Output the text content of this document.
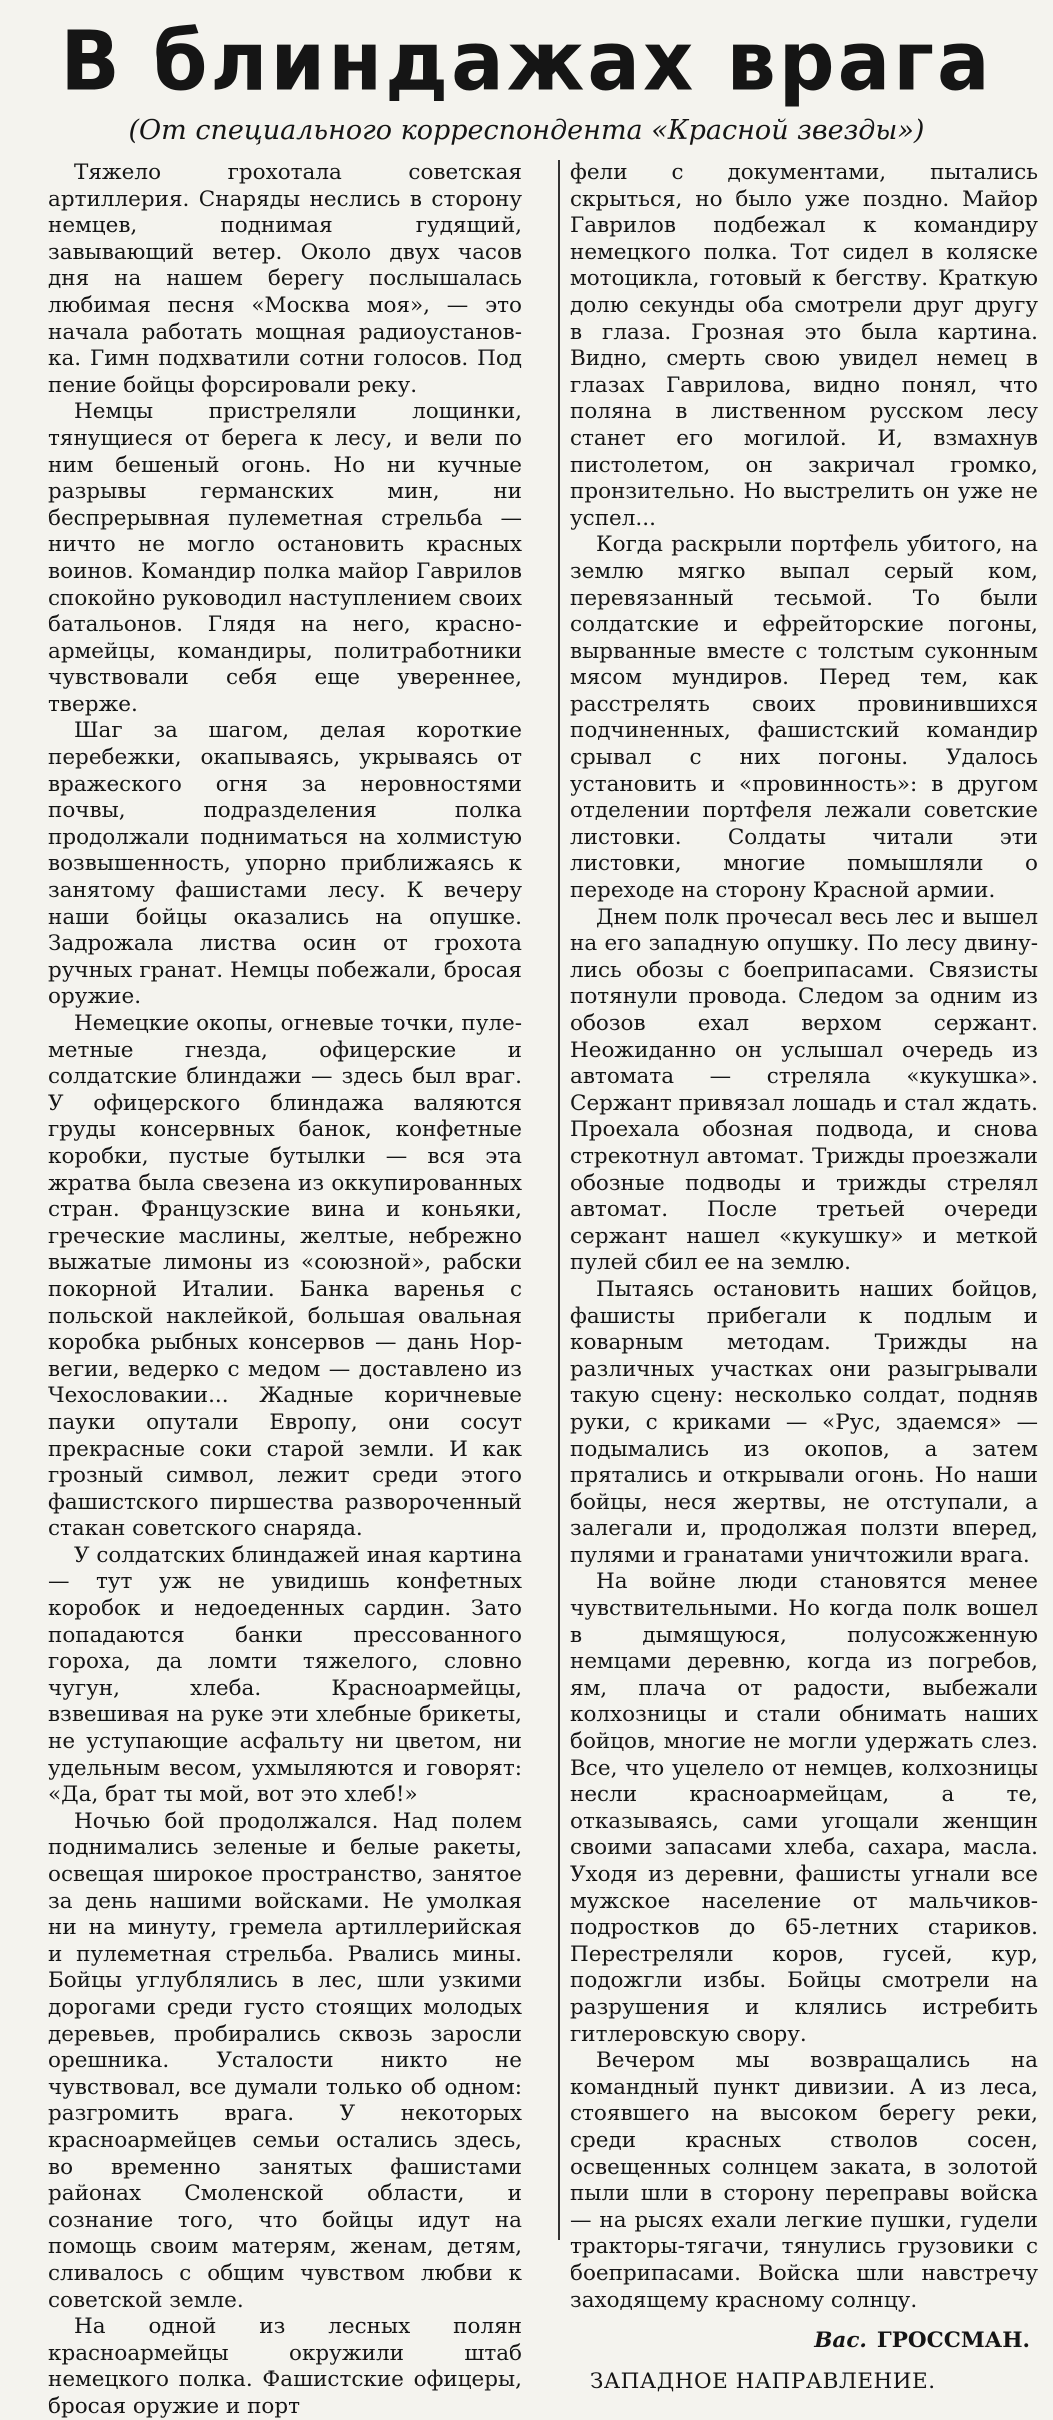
В блиндажах врага
(От специального корреспондента «Красной звезды»)

Тяжело грохотала советская артиллерия. Снаряды неслись в сторону немцев, поднимая гудящий, завывающий ветер. Около двух часов дня на нашем берегу послышалась любимая песня «Москва моя», — это начала работать мощная радиоустановка. Гимн подхватили сотни голосов. Под пение бойцы форсировали реку.

Немцы пристреляли лощинки, тянущиеся от берега к лесу, и вели по ним бешеный огонь. Но ни кучные разрывы германских мин, ни беспрерывная пулеметная стрельба — ничто не могло остановить красных воинов. Командир полка майор Гаврилов спокойно руководил наступлением своих батальонов. Глядя на него, красноармейцы, командиры, политработники чувствовали себя еще увереннее, тверже.

Шаг за шагом, делая короткие перебежки, окапываясь, укрываясь от вражеского огня за неровностями почвы, подразделения полка продолжали подниматься на холмистую возвышенность, упорно приближаясь к занятому фашистами лесу. К вечеру наши бойцы оказались на опушке. Задрожала листва осин от грохота ручных гранат. Немцы побежали, бросая оружие.

Немецкие окопы, огневые точки, пулеметные гнезда, офицерские и солдатские блиндажи — здесь был враг. У офицерского блиндажа валяются груды консервных банок, конфетные коробки, пустые бутылки — вся эта жратва была свезена из оккупированных стран. Французские вина и коньяки, греческие маслины, желтые, небрежно выжатые лимоны из «союзной», рабски покорной Италии. Банка варенья с польской наклейкой, большая овальная коробка рыбных консервов — дань Норвегии, ведерко с медом — доставлено из Чехословакии... Жадные коричневые пауки опутали Европу, они сосут прекрасные соки старой земли. И как грозный символ, лежит среди этого фашистского пиршества развороченный стакан советского снаряда.

У солдатских блиндажей иная картина — тут уж не увидишь конфетных коробок и недоеденных сардин. Зато попадаются банки прессованного гороха, да ломти тяжелого, словно чугун, хлеба. Красноармейцы, взвешивая на руке эти хлебные брикеты, не уступающие асфальту ни цветом, ни удельным весом, ухмыляются и говорят: «Да, брат ты мой, вот это хлеб!»

Ночью бой продолжался. Над полем поднимались зеленые и белые ракеты, освещая широкое пространство, занятое за день нашими войсками. Не умолкая ни на минуту, гремела артиллерийская и пулеметная стрельба. Рвались мины. Бойцы углублялись в лес, шли узкими дорогами среди густо стоящих молодых деревьев, пробирались сквозь заросли орешника. Усталости никто не чувствовал, все думали только об одном: разгромить врага. У некоторых красноармейцев семьи остались здесь, во временно занятых фашистами районах Смоленской области, и сознание того, что бойцы идут на помощь своим матерям, женам, детям, сливалось с общим чувством любви к советской земле.

На одной из лесных полян красноармейцы окружили штаб немецкого полка. Фашистские офицеры, бросая оружие и порт

фели с документами, пытались скрыться, но было уже поздно. Майор Гаврилов подбежал к командиру немецкого полка. Тот сидел в коляске мотоцикла, готовый к бегству. Краткую долю секунды оба смотрели друг другу в глаза. Грозная это была картина. Видно, смерть свою увидел немец в глазах Гаврилова, видно понял, что поляна в лиственном русском лесу станет его могилой. И, взмахнув пистолетом, он закричал громко, пронзительно. Но выстрелить он уже не успел...

Когда раскрыли портфель убитого, на землю мягко выпал серый ком, перевязанный тесьмой. То были солдатские и ефрейторские погоны, вырванные вместе с толстым суконным мясом мундиров. Перед тем, как расстрелять своих провинившихся подчиненных, фашистский командир срывал с них погоны. Удалось установить и «провинность»: в другом отделении портфеля лежали советские листовки. Солдаты читали эти листовки, многие помышляли о переходе на сторону Красной армии.

Днем полк прочесал весь лес и вышел на его западную опушку. По лесу двинулись обозы с боеприпасами. Связисты потянули провода. Следом за одним из обозов ехал верхом сержант. Неожиданно он услышал очередь из автомата — стреляла «кукушка». Сержант привязал лошадь и стал ждать. Проехала обозная подвода, и снова стрекотнул автомат. Трижды проезжали обозные подводы и трижды стрелял автомат. После третьей очереди сержант нашел «кукушку» и меткой пулей сбил ее на землю.

Пытаясь остановить наших бойцов, фашисты прибегали к подлым и коварным методам. Трижды на различных участках они разыгрывали такую сцену: несколько солдат, подняв руки, с криками — «Рус, здаемся» — подымались из окопов, а затем прятались и открывали огонь. Но наши бойцы, неся жертвы, не отступали, а залегали и, продолжая ползти вперед, пулями и гранатами уничтожили врага.

На войне люди становятся менее чувствительными. Но когда полк вошел в дымящуюся, полусожженную немцами деревню, когда из погребов, ям, плача от радости, выбежали колхозницы и стали обнимать наших бойцов, многие не могли удержать слез. Все, что уцелело от немцев, колхозницы несли красноармейцам, а те, отказываясь, сами угощали женщин своими запасами хлеба, сахара, масла. Уходя из деревни, фашисты угнали все мужское население от мальчиков-подростков до 65-летних стариков. Перестреляли коров, гусей, кур, подожгли избы. Бойцы смотрели на разрушения и клялись истребить гитлеровскую свору.

Вечером мы возвращались на командный пункт дивизии. А из леса, стоявшего на высоком берегу реки, среди красных стволов сосен, освещенных солнцем заката, в золотой пыли шли в сторону переправы войска — на рысях ехали легкие пушки, гудели тракторы-тягачи, тянулись грузовики с боеприпасами. Войска шли навстречу заходящему красному солнцу.

Вас. ГРОССМАН.
ЗАПАДНОЕ НАПРАВЛЕНИЕ.
